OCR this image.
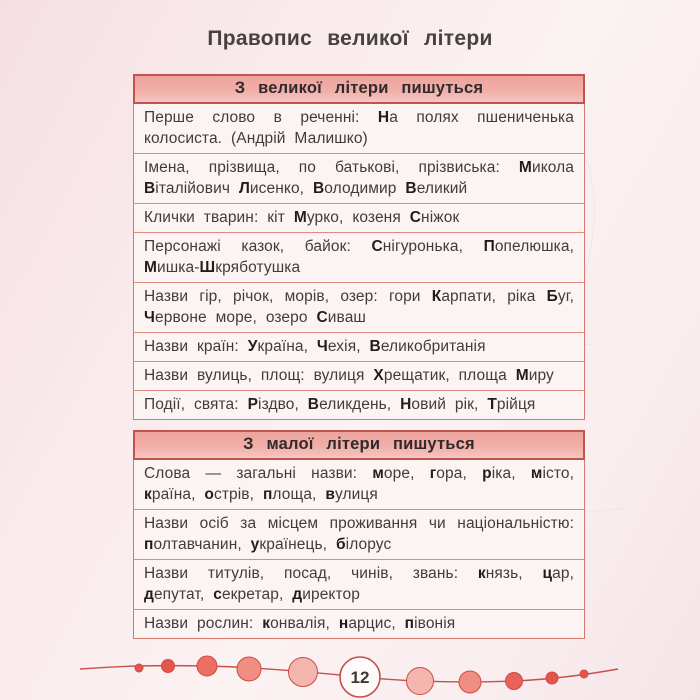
Правопис великої літери
З великої літери пишуться
Перше слово в реченні: На полях пшениченька колосиста. (Андрій Малишко)
Імена, прізвища, по батькові, прізвиська: Микола Віталійович Лисенко, Володимир Великий
Клички тварин: кіт Мурко, козеня Сніжок
Персонажі казок, байок: Снігуронька, Попелюшка, Мишка-Шкряботушка
Назви гір, річок, морів, озер: гори Карпати, ріка Буг, Червоне море, озеро Сиваш
Назви країн: Україна, Чехія, Великобританія
Назви вулиць, площ: вулиця Хрещатик, площа Миру
Події, свята: Різдво, Великдень, Новий рік, Трійця
З малої літери пишуться
Слова — загальні назви: море, гора, ріка, місто, країна, острів, площа, вулиця
Назви осіб за місцем проживання чи національністю: полтавчанин, українець, білорус
Назви титулів, посад, чинів, звань: князь, цар, депутат, секретар, директор
Назви рослин: конвалія, нарцис, півонія
12
